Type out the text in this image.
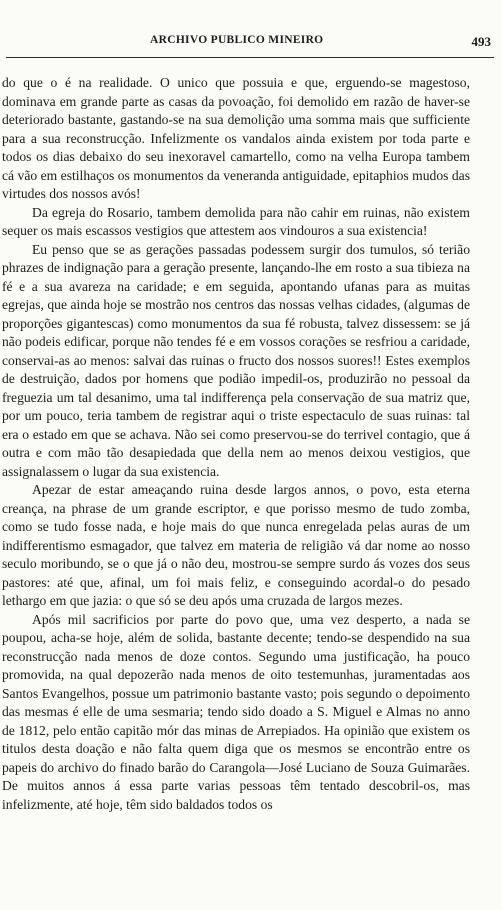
ARCHIVO PUBLICO MINEIRO	493

do que o é na realidade. O unico que possuia e que, erguendo-se magestoso, dominava em grande parte as casas da povoação, foi demolido em razão de haver-se deteriorado bastante, gastando-se na sua demolição uma somma mais que sufficiente para a sua reconstrucção. Infelizmente os vandalos ainda existem por toda parte e todos os dias debaixo do seu inexoravel camartello, como na velha Europa tambem cá vão em estilhaços os monumentos da veneranda antiguidade, epitaphios mudos das virtudes dos nossos avós!

Da egreja do Rosario, tambem demolida para não cahir em ruinas, não existem sequer os mais escassos vestigios que attestem aos vindouros a sua existencia!

Eu penso que se as gerações passadas podessem surgir dos tumulos, só terião phrazes de indignação para a geração presente, lançando-lhe em rosto a sua tibieza na fé e a sua avareza na caridade; e em seguida, apontando ufanas para as muitas egrejas, que ainda hoje se mostrão nos centros das nossas velhas cidades, (algumas de proporções gigantescas) como monumentos da sua fé robusta, talvez dissessem: se já não podeis edificar, porque não tendes fé e em vossos corações se resfriou a caridade, conservai-as ao menos: salvai das ruinas o fructo dos nossos suores!! Estes exemplos de destruição, dados por homens que podião impedil-os, produzirão no pessoal da freguezia um tal desanimo, uma tal indifferença pela conservação de sua matriz que, por um pouco, teria tambem de registrar aqui o triste espectaculo de suas ruinas: tal era o estado em que se achava. Não sei como preservou-se do terrivel contagio, que á outra e com mão tão desapiedada que della nem ao menos deixou vestigios, que assignalassem o lugar da sua existencia.

Apezar de estar ameaçando ruina desde largos annos, o povo, esta eterna creança, na phrase de um grande escriptor, e que porisso mesmo de tudo zomba, como se tudo fosse nada, e hoje mais do que nunca enregelada pelas auras de um indifferentismo esmagador, que talvez em materia de religião vá dar nome ao nosso seculo moribundo, se o que já o não deu, mostrou-se sempre surdo ás vozes dos seus pastores: até que, afinal, um foi mais feliz, e conseguindo acordal-o do pesado lethargo em que jazia: o que só se deu após uma cruzada de largos mezes.

Após mil sacrificios por parte do povo que, uma vez desperto, a nada se poupou, acha-se hoje, além de solida, bastante decente; tendo-se despendido na sua reconstrucção nada menos de doze contos. Segundo uma justificação, ha pouco promovida, na qual depozerão nada menos de oito testemunhas, juramentadas aos Santos Evangelhos, possue um patrimonio bastante vasto; pois segundo o depoimento das mesmas é elle de uma sesmaria; tendo sido doado a S. Miguel e Almas no anno de 1812, pelo então capitão mór das minas de Arrepiados. Ha opinião que existem os titulos desta doação e não falta quem diga que os mesmos se encontrão entre os papeis do archivo do finado barão do Carangola—José Luciano de Souza Guimarães. De muitos annos á essa parte varias pessoas têm tentado descobril-os, mas infelizmente, até hoje, têm sido baldados todos os
